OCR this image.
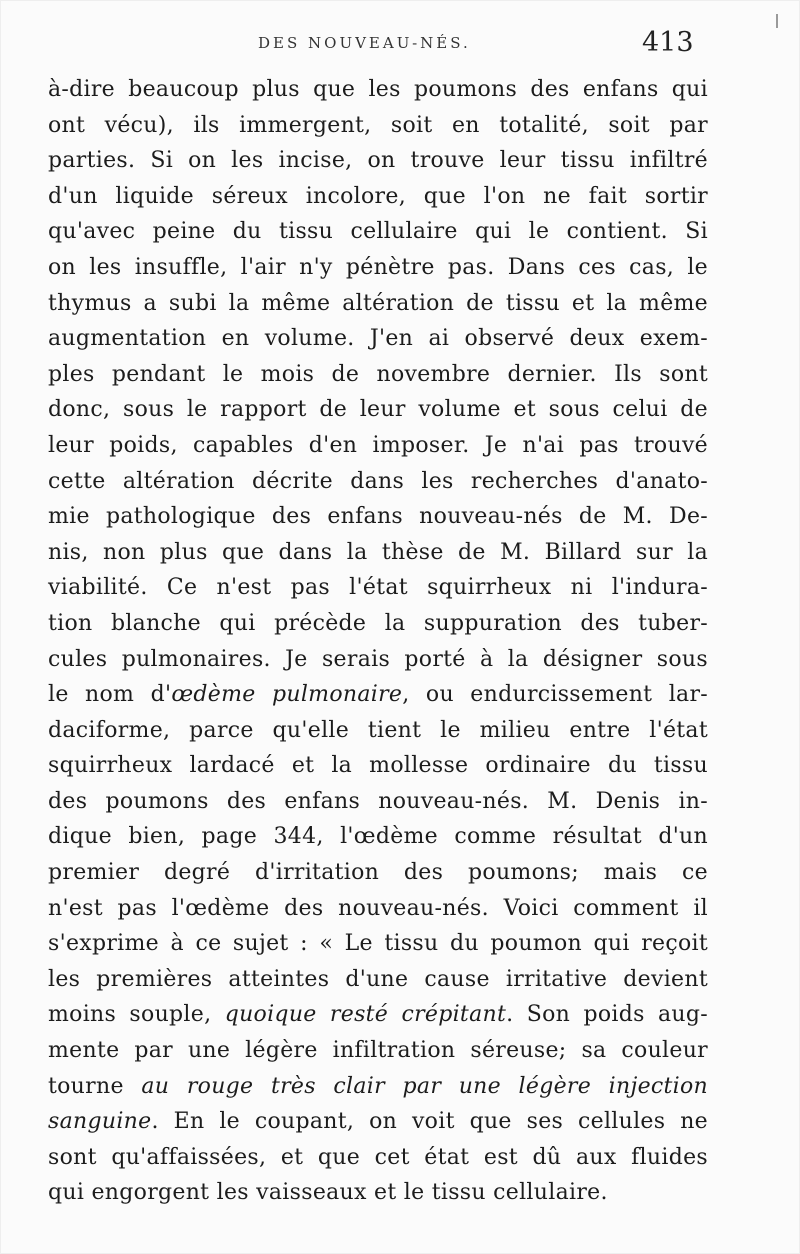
DES NOUVEAU-NÉS.	413
à-dire beaucoup plus que les poumons des enfans qui
ont vécu), ils immergent, soit en totalité, soit par
parties. Si on les incise, on trouve leur tissu infiltré
d'un liquide séreux incolore, que l'on ne fait sortir
qu'avec peine du tissu cellulaire qui le contient. Si
on les insuffle, l'air n'y pénètre pas. Dans ces cas, le
thymus a subi la même altération de tissu et la même
augmentation en volume. J'en ai observé deux exem-
ples pendant le mois de novembre dernier. Ils sont
donc, sous le rapport de leur volume et sous celui de
leur poids, capables d'en imposer. Je n'ai pas trouvé
cette altération décrite dans les recherches d'anato-
mie pathologique des enfans nouveau-nés de M. De-
nis, non plus que dans la thèse de M. Billard sur la
viabilité. Ce n'est pas l'état squirrheux ni l'indura-
tion blanche qui précède la suppuration des tuber-
cules pulmonaires. Je serais porté à la désigner sous
le nom d'œdème pulmonaire, ou endurcissement lar-
daciforme, parce qu'elle tient le milieu entre l'état
squirrheux lardacé et la mollesse ordinaire du tissu
des poumons des enfans nouveau-nés. M. Denis in-
dique bien, page 344, l'œdème comme résultat d'un
premier degré d'irritation des poumons; mais ce
n'est pas l'œdème des nouveau-nés. Voici comment il
s'exprime à ce sujet : « Le tissu du poumon qui reçoit
les premières atteintes d'une cause irritative devient
moins souple, quoique resté crépitant. Son poids aug-
mente par une légère infiltration séreuse; sa couleur
tourne au rouge très clair par une légère injection
sanguine. En le coupant, on voit que ses cellules ne
sont qu'affaissées, et que cet état est dû aux fluides
qui engorgent les vaisseaux et le tissu cellulaire.
